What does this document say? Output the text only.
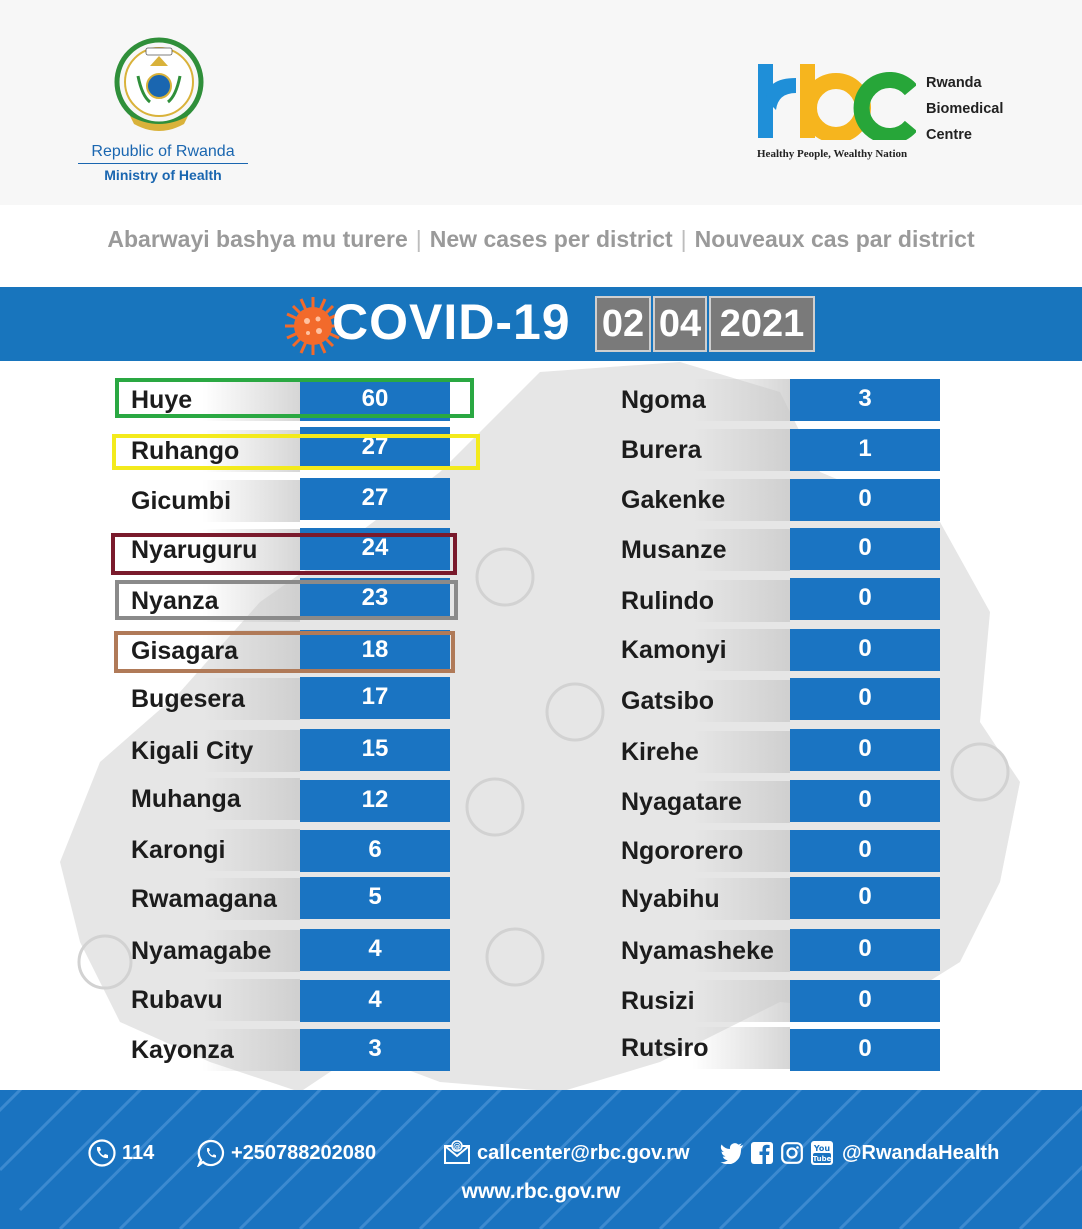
Republic of Rwanda
Ministry of Health
Rwanda
Biomedical
Centre
Healthy People, Wealthy Nation
Abarwayi bashya mu turere | New cases per district | Nouveaux cas par district
COVID-19 02 04 2021
Huye	60
Ruhango	27
Gicumbi	27
Nyaruguru	24
Nyanza	23
Gisagara	18
Bugesera	17
Kigali City	15
Muhanga	12
Karongi	6
Rwamagana	5
Nyamagabe	4
Rubavu	4
Kayonza	3
Ngoma	3
Burera	1
Gakenke	0
Musanze	0
Rulindo	0
Kamonyi	0
Gatsibo	0
Kirehe	0
Nyagatare	0
Ngororero	0
Nyabihu	0
Nyamasheke	0
Rusizi	0
Rutsiro	0
114	+250788202080	@ callcenter@rbc.gov.rw	You
Tube @RwandaHealth
www.rbc.gov.rw
